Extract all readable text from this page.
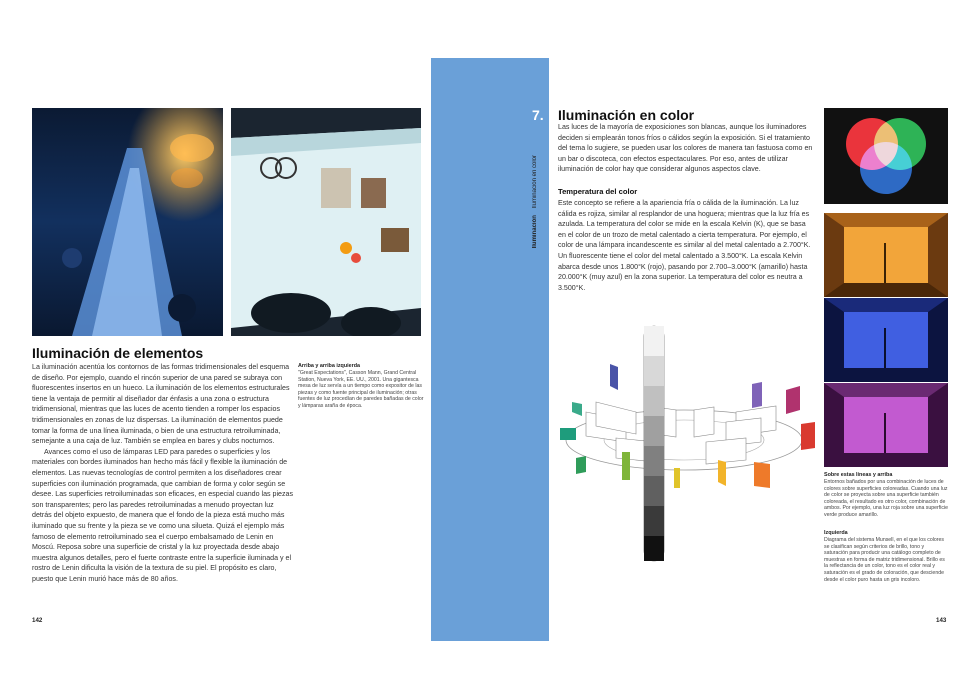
Iluminación de elementos

La iluminación acentúa los contornos de las formas tridimensionales del esquema de diseño. Por ejemplo, cuando el rincón superior de una pared se subraya con fluorescentes insertos en un hueco. La iluminación de los elementos estructurales tiene la ventaja de permitir al diseñador dar énfasis a una zona o estructura tridimensional, mientras que las luces de acento tienden a romper los espacios tridimensionales en zonas de luz dispersas. La iluminación de elementos puede tomar la forma de una línea iluminada, o bien de una estructura retroiluminada, semejante a una caja de luz. También se emplea en bares y clubs nocturnos.

Avances como el uso de lámparas LED para paredes o superficies y los materiales con bordes iluminados han hecho más fácil y flexible la iluminación de elementos. Las nuevas tecnologías de control permiten a los diseñadores crear superficies con iluminación programada, que cambian de forma y color según se desee. Las superficies retroiluminadas son eficaces, en especial cuando las piezas son transparentes; pero las paredes retroiluminadas a menudo proyectan luz detrás del objeto expuesto, de manera que el fondo de la pieza está mucho más iluminado que su frente y la pieza se ve como una silueta. Quizá el ejemplo más famoso de elemento retroiluminado sea el cuerpo embalsamado de Lenin en Moscú. Reposa sobre una superficie de cristal y la luz proyectada desde abajo muestra algunos detalles, pero el fuerte contraste entre la superficie iluminada y el rostro de Lenin dificulta la visión de la textura de su piel. El propósito es claro, puesto que Lenin murió hace más de 80 años.

Arriba y arriba izquierda
"Great Expectations", Casson Mann, Grand Central Station, Nueva York, EE. UU., 2001. Una gigantesca mesa de luz servía a un tiempo como expositor de las piezas y como fuente principal de iluminación; otras fuentes de luz procedían de paredes bañadas de color y lámparas araña de época.
142
7.
Iluminación    Iluminación en color
Iluminación en color
Las luces de la mayoría de exposiciones son blancas, aunque los iluminadores deciden si emplearán tonos fríos o cálidos según la exposición. Si el tratamiento del tema lo sugiere, se pueden usar los colores de manera tan fastuosa como en un bar o discoteca, con efectos espectaculares. Por eso, antes de utilizar iluminación de color hay que considerar algunos aspectos clave.
Temperatura del color
Este concepto se refiere a la apariencia fría o cálida de la iluminación. La luz cálida es rojiza, similar al resplandor de una hoguera; mientras que la luz fría es azulada. La temperatura del color se mide en la escala Kelvin (K), que se basa en el color de un trozo de metal calentado a cierta temperatura. Por ejemplo, el color de una lámpara incandescente es similar al del metal calentado a 2.700°K. Un fluorescente tiene el color del metal calentado a 3.500°K. La escala Kelvin abarca desde unos 1.800°K (rojo), pasando por 2.700–3.000°K (amarillo) hasta 20.000°K (muy azul) en la zona superior. La temperatura del color es neutra a 3.500°K.
Sobre estas líneas y arriba
Entornos bañados por una combinación de luces de colores sobre superficies coloreadas. Cuando una luz de color se proyecta sobre una superficie también coloreada, el resultado es otro color, combinación de ambos. Por ejemplo, una luz roja sobre una superficie verde produce amarillo.
Izquierda
Diagrama del sistema Munsell, en el que los colores se clasifican según criterios de brillo, tono y saturación para producir una catálogo completo de muestras en forma de matriz tridimensional. Brillo es la reflectancia de un color, tono es el color real y saturación es el grado de coloración, que desciende desde el color puro hasta un gris incoloro.
143
